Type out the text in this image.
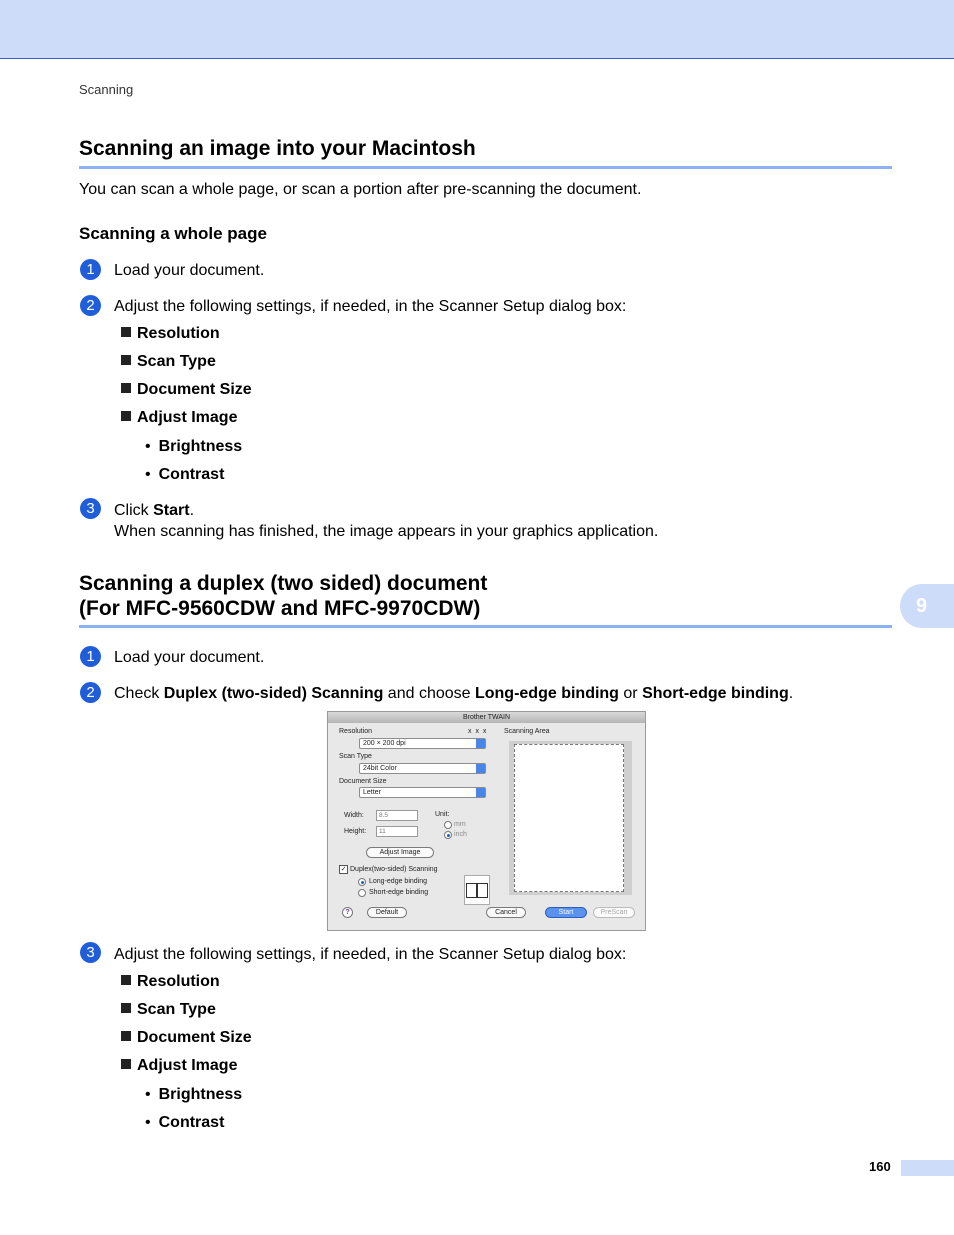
Scanning
Scanning an image into your Macintosh
You can scan a whole page, or scan a portion after pre-scanning the document.
Scanning a whole page
1	Load your document.
2	Adjust the following settings, if needed, in the Scanner Setup dialog box:
Resolution
Scan Type
Document Size
Adjust Image
• Brightness
• Contrast
3	Click Start.
When scanning has finished, the image appears in your graphics application.
Scanning a duplex (two sided) document
(For MFC-9560CDW and MFC-9970CDW)	9
1	Load your document.
2	Check Duplex (two-sided) Scanning and choose Long-edge binding or Short-edge binding.
Brother TWAIN
Resolution	x x x
200 × 200 dpi
Scan Type
24bit Color
Document Size
Letter
Width:	8.5
Height:	11
Unit:
mm
inch
Adjust Image
✓ Duplex(two-sided) Scanning
Long-edge binding
Short-edge binding
Scanning Area
?	Default	Cancel	Start	PreScan
3	Adjust the following settings, if needed, in the Scanner Setup dialog box:
Resolution
Scan Type
Document Size
Adjust Image
• Brightness
• Contrast
160
